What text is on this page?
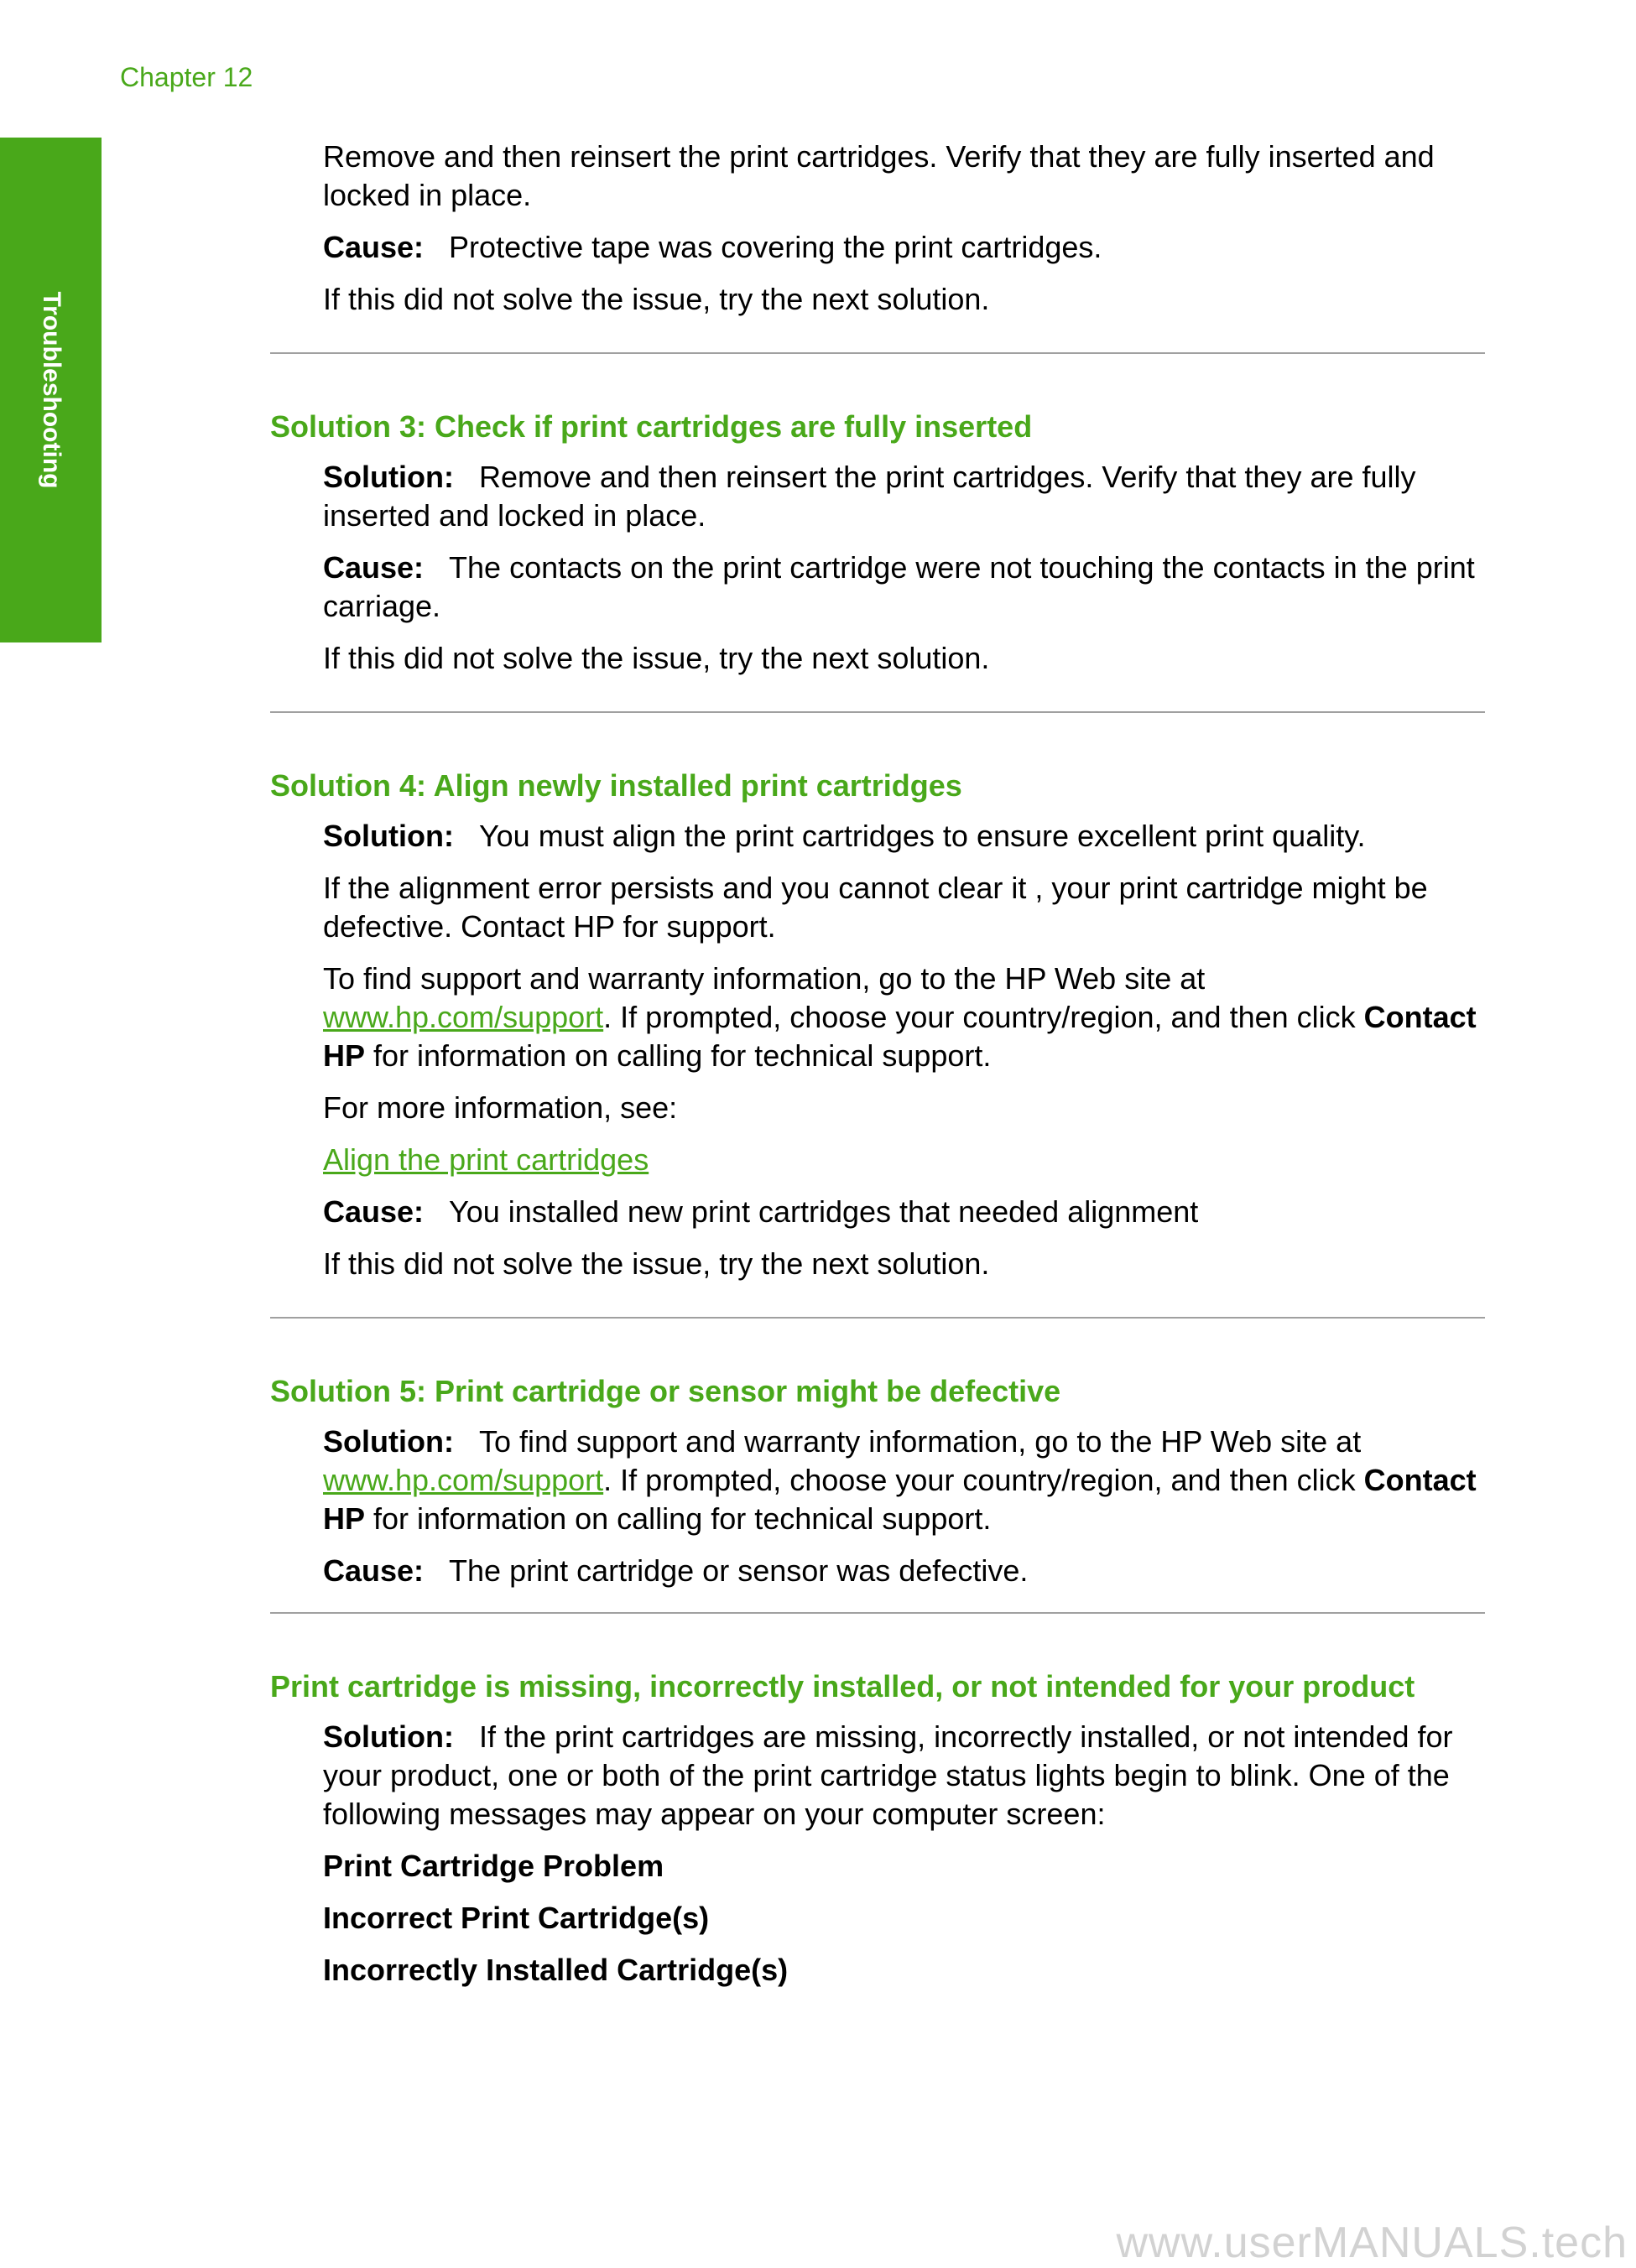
Chapter 12
Troubleshooting

Remove and then reinsert the print cartridges. Verify that they are fully inserted and locked in place.

Cause: Protective tape was covering the print cartridges.

If this did not solve the issue, try the next solution.

Solution 3: Check if print cartridges are fully inserted

Solution: Remove and then reinsert the print cartridges. Verify that they are fully inserted and locked in place.

Cause: The contacts on the print cartridge were not touching the contacts in the print carriage.

If this did not solve the issue, try the next solution.

Solution 4: Align newly installed print cartridges

Solution: You must align the print cartridges to ensure excellent print quality.

If the alignment error persists and you cannot clear it , your print cartridge might be defective. Contact HP for support.

To find support and warranty information, go to the HP Web site at www.hp.com/support. If prompted, choose your country/region, and then click Contact HP for information on calling for technical support.

For more information, see:

Align the print cartridges

Cause: You installed new print cartridges that needed alignment

If this did not solve the issue, try the next solution.

Solution 5: Print cartridge or sensor might be defective

Solution: To find support and warranty information, go to the HP Web site at www.hp.com/support. If prompted, choose your country/region, and then click Contact HP for information on calling for technical support.

Cause: The print cartridge or sensor was defective.

Print cartridge is missing, incorrectly installed, or not intended for your product

Solution: If the print cartridges are missing, incorrectly installed, or not intended for your product, one or both of the print cartridge status lights begin to blink. One of the following messages may appear on your computer screen:

Print Cartridge Problem

Incorrect Print Cartridge(s)

Incorrectly Installed Cartridge(s)

www.userMANUALS.tech
